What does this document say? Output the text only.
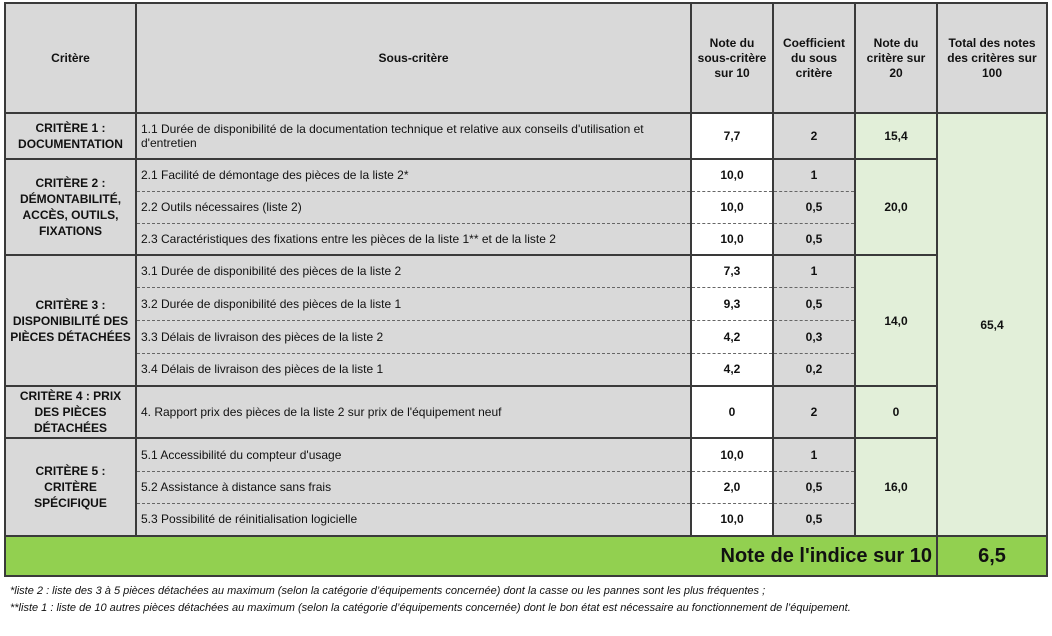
Critère	Sous-critère	Note du sous-critère sur 10	Coefficient du sous critère	Note du critère sur 20	Total des notes des critères sur 100
CRITÈRE 1 : DOCUMENTATION	1.1 Durée de disponibilité de la documentation technique et relative aux conseils d'utilisation et d'entretien	7,7	2	15,4	65,4
CRITÈRE 2 : DÉMONTABILITÉ, ACCÈS, OUTILS, FIXATIONS	2.1 Facilité de démontage des pièces de la liste 2*	10,0	1	20,0	
	2.2 Outils nécessaires (liste 2)	10,0	0,5		
	2.3 Caractéristiques des fixations entre les pièces de la liste 1** et de la liste 2	10,0	0,5		
CRITÈRE 3 : DISPONIBILITÉ DES PIÈCES DÉTACHÉES	3.1 Durée de disponibilité des pièces de la liste 2	7,3	1	14,0	
	3.2 Durée de disponibilité des pièces de la liste 1	9,3	0,5		
	3.3 Délais de livraison des pièces de la liste 2	4,2	0,3		
	3.4 Délais de livraison des pièces de la liste 1	4,2	0,2		
CRITÈRE 4 : PRIX DES PIÈCES DÉTACHÉES	4. Rapport prix des pièces de la liste 2 sur prix de l'équipement neuf	0	2	0	
CRITÈRE 5 : CRITÈRE SPÉCIFIQUE	5.1 Accessibilité du compteur d'usage	10,0	1	16,0	
	5.2 Assistance à distance sans frais	2,0	0,5		
	5.3 Possibilité de réinitialisation logicielle	10,0	0,5		
Note de l'indice sur 10					6,5
*liste 2 : liste des 3 à 5 pièces détachées au maximum (selon la catégorie d’équipements concernée) dont la casse ou les pannes sont les plus fréquentes ;
**liste 1 : liste de 10 autres pièces détachées au maximum (selon la catégorie d’équipements concernée) dont le bon état est nécessaire au fonctionnement de l’équipement.
